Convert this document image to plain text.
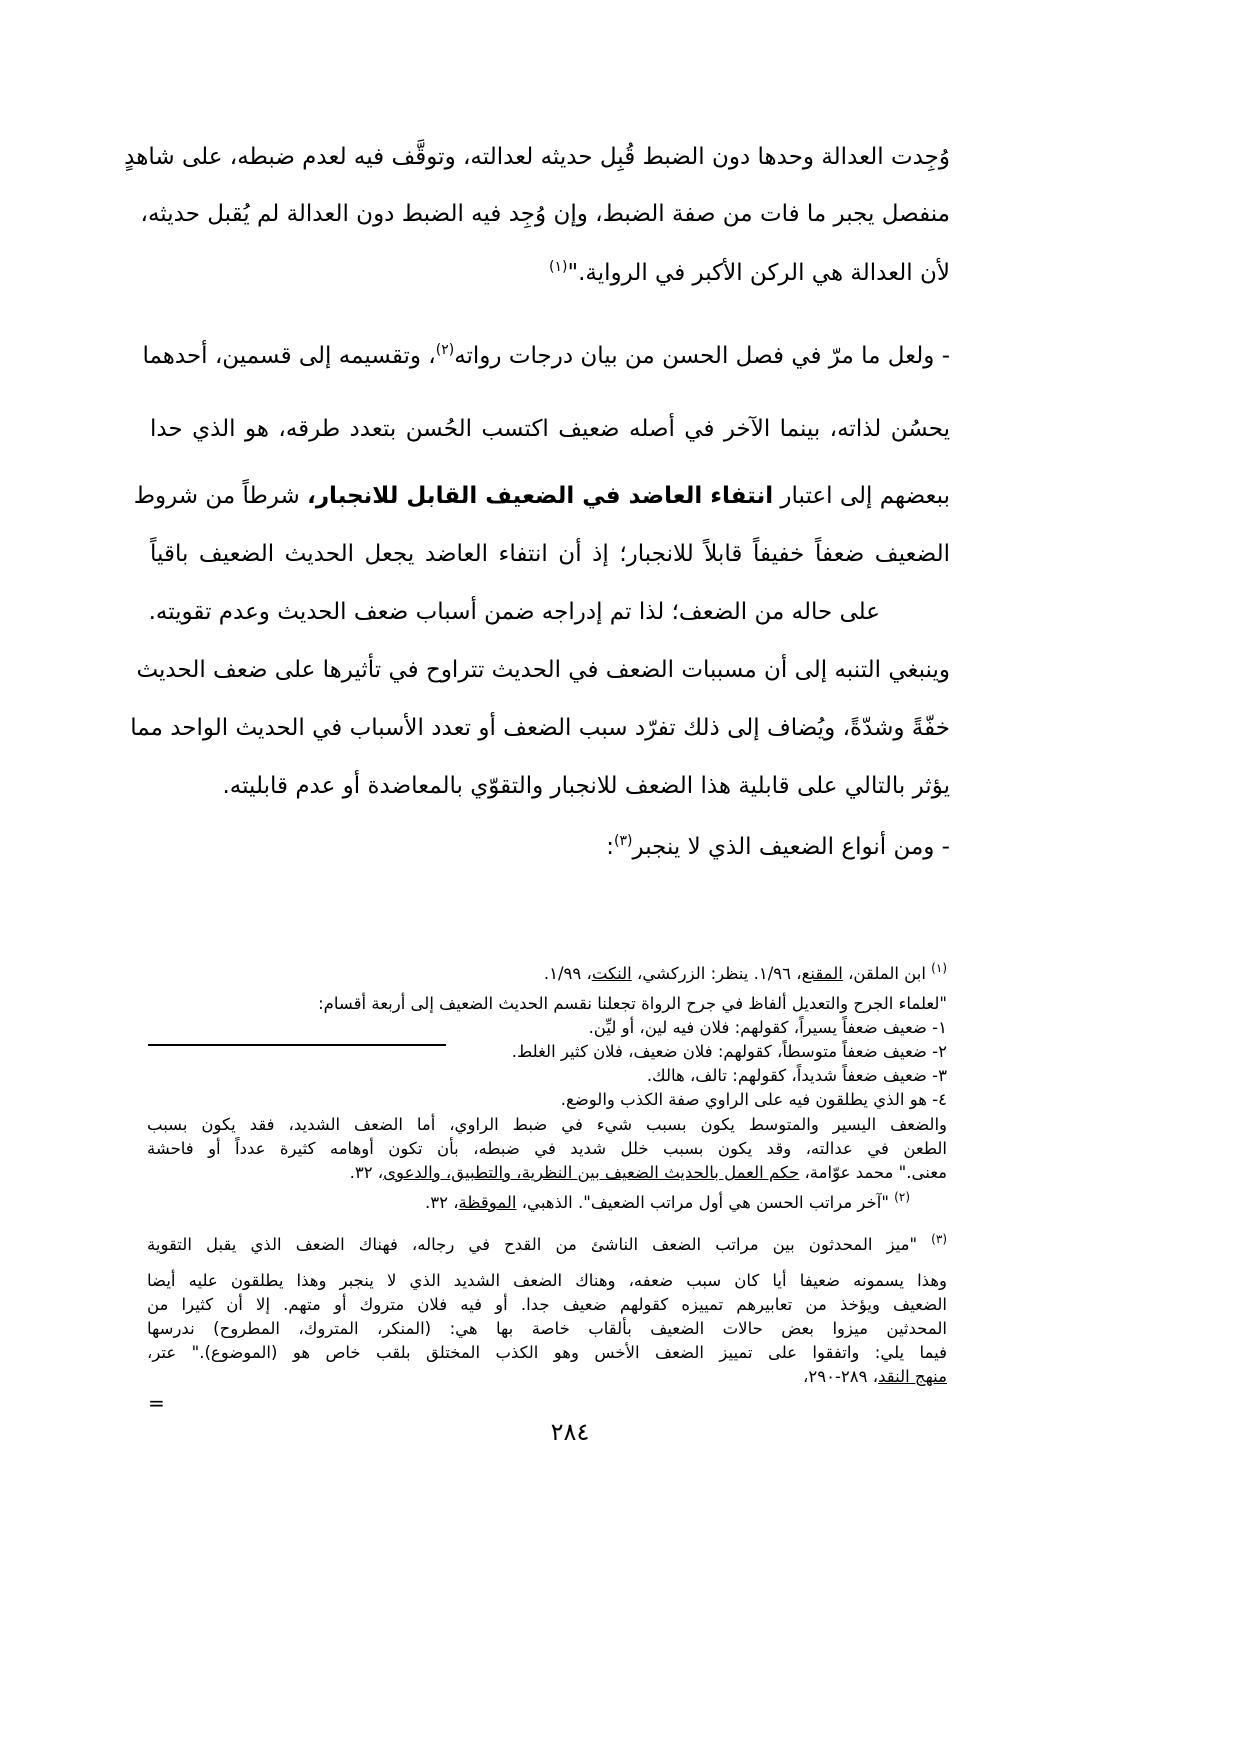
وُجِدت العدالة وحدها دون الضبط قُبِل حديثه لعدالته، وتوقَّف فيه لعدم ضبطه، على شاهدٍ
منفصل يجبر ما فات من صفة الضبط، وإن وُجِد فيه الضبط دون العدالة لم يُقبل حديثه،
لأن العدالة هي الركن الأكبر في الرواية."$^{(١)}$
- ولعل ما مرّ في فصل الحسن من بيان درجات رواته$^{(٢)}$، وتقسيمه إلى قسمين، أحدهما
يحسُن لذاته، بينما الآخر في أصله ضعيف اكتسب الحُسن بتعدد طرقه، هو الذي حدا
ببعضهم إلى اعتبار انتفاء العاضد في الضعيف القابل للانجبار، شرطاً من شروط
الضعيف ضعفاً خفيفاً قابلاً للانجبار؛ إذ أن انتفاء العاضد يجعل الحديث الضعيف باقياً
على حاله من الضعف؛ لذا تم إدراجه ضمن أسباب ضعف الحديث وعدم تقويته.
وينبغي التنبه إلى أن مسببات الضعف في الحديث تتراوح في تأثيرها على ضعف الحديث
خفّةً وشدّةً، ويُضاف إلى ذلك تفرّد سبب الضعف أو تعدد الأسباب في الحديث الواحد مما
يؤثر بالتالي على قابلية هذا الضعف للانجبار والتقوّي بالمعاضدة أو عدم قابليته.
- ومن أنواع الضعيف الذي لا ينجبر$^{(٣)}$:
$^{(١)}$ ابن الملقن، المقنع، ١/٩٦. ينظر: الزركشي، النكت، ١/٩٩.
"لعلماء الجرح والتعديل ألفاظ في جرح الرواة تجعلنا نقسم الحديث الضعيف إلى أربعة أقسام:
١- ضعيف ضعفاً يسيراً، كقولهم: فلان فيه لين، أو ليِّن.
٢- ضعيف ضعفاً متوسطاً، كقولهم: فلان ضعيف، فلان كثير الغلط.
٣- ضعيف ضعفاً شديداً، كقولهم: تالف، هالك.
٤- هو الذي يطلقون فيه على الراوي صفة الكذب والوضع.
والضعف اليسير والمتوسط يكون بسبب شيء في ضبط الراوي، أما الضعف الشديد، فقد يكون بسبب
الطعن في عدالته، وقد يكون بسبب خلل شديد في ضبطه، بأن تكون أوهامه كثيرة عدداً أو فاحشة
معنى." محمد عوّامة، حكم العمل بالحديث الضعيف بين النظرية، والتطبيق، والدعوى، ٣٢.
$^{(٢)}$ "آخر مراتب الحسن هي أول مراتب الضعيف". الذهبي، الموقظة، ٣٢.
$^{(٣)}$ "ميز المحدثون بين مراتب الضعف الناشئ من القدح في رجاله، فهناك الضعف الذي يقبل التقوية
وهذا يسمونه ضعيفا أيا كان سبب ضعفه، وهناك الضعف الشديد الذي لا ينجبر وهذا يطلقون عليه أيضا
الضعيف ويؤخذ من تعابيرهم تمييزه كقولهم ضعيف جدا. أو فيه فلان متروك أو متهم. إلا أن كثيرا من
المحدثين ميزوا بعض حالات الضعيف بألقاب خاصة بها هي: (المنكر، المتروك، المطروح) ندرسها
فيما يلي: واتفقوا على تمييز الضعف الأخس وهو الكذب المختلق بلقب خاص هو (الموضوع)." عتر،
منهج النقد، ٢٨٩-٢٩٠،
=
٢٨٤
